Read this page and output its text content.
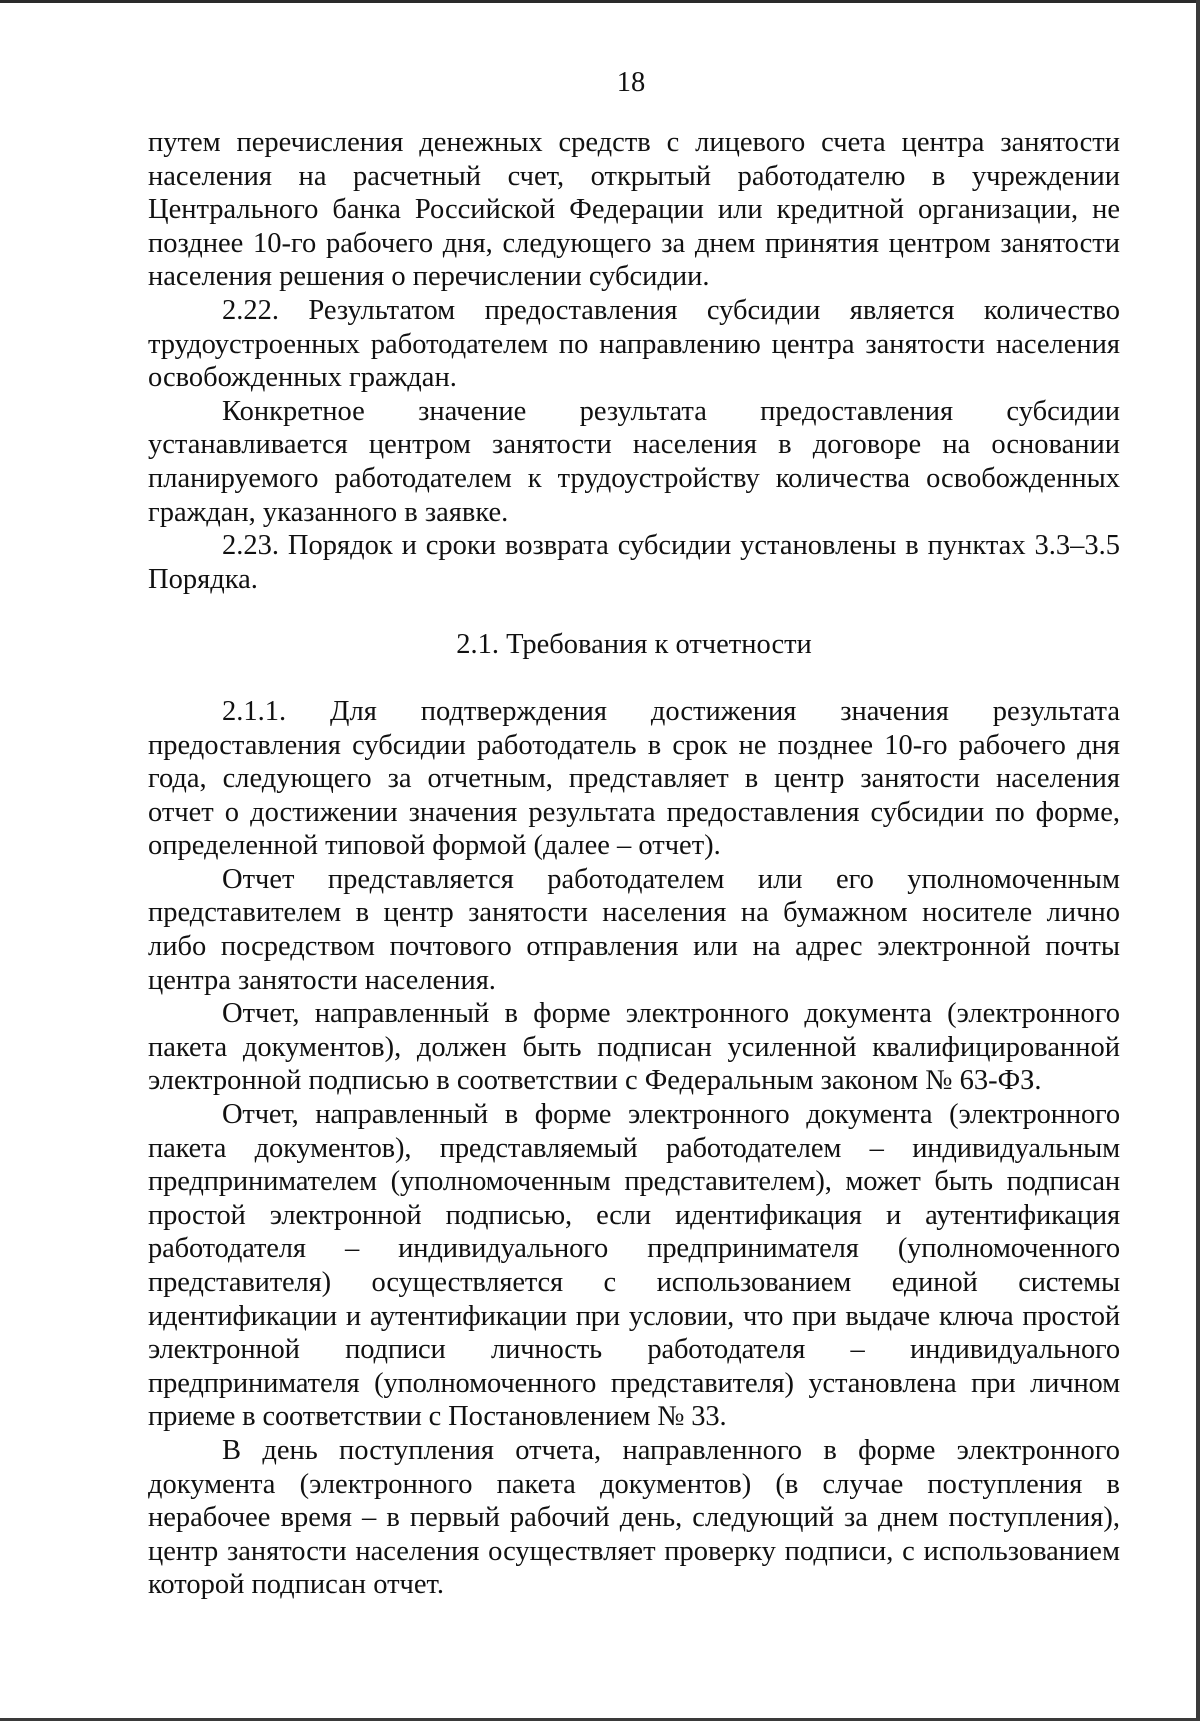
18

путем перечисления денежных средств с лицевого счета центра занятости населения на расчетный счет, открытый работодателю в учреждении Центрального банка Российской Федерации или кредитной организации, не позднее 10-го рабочего дня, следующего за днем принятия центром занятости населения решения о перечислении субсидии.

2.22. Результатом предоставления субсидии является количество трудоустроенных работодателем по направлению центра занятости населения освобожденных граждан.

Конкретное значение результата предоставления субсидии устанавливается центром занятости населения в договоре на основании планируемого работодателем к трудоустройству количества освобожденных граждан, указанного в заявке.

2.23. Порядок и сроки возврата субсидии установлены в пунктах 3.3–3.5 Порядка.

2.1. Требования к отчетности

2.1.1. Для подтверждения достижения значения результата предоставления субсидии работодатель в срок не позднее 10-го рабочего дня года, следующего за отчетным, представляет в центр занятости населения отчет о достижении значения результата предоставления субсидии по форме, определенной типовой формой (далее – отчет).

Отчет представляется работодателем или его уполномоченным представителем в центр занятости населения на бумажном носителе лично либо посредством почтового отправления или на адрес электронной почты центра занятости населения.

Отчет, направленный в форме электронного документа (электронного пакета документов), должен быть подписан усиленной квалифицированной электронной подписью в соответствии с Федеральным законом № 63-ФЗ.

Отчет, направленный в форме электронного документа (электронного пакета документов), представляемый работодателем – индивидуальным предпринимателем (уполномоченным представителем), может быть подписан простой электронной подписью, если идентификация и аутентификация работодателя – индивидуального предпринимателя (уполномоченного представителя) осуществляется с использованием единой системы идентификации и аутентификации при условии, что при выдаче ключа простой электронной подписи личность работодателя – индивидуального предпринимателя (уполномоченного представителя) установлена при личном приеме в соответствии с Постановлением № 33.

В день поступления отчета, направленного в форме электронного документа (электронного пакета документов) (в случае поступления в нерабочее время – в первый рабочий день, следующий за днем поступления), центр занятости населения осуществляет проверку подписи, с использованием которой подписан отчет.
